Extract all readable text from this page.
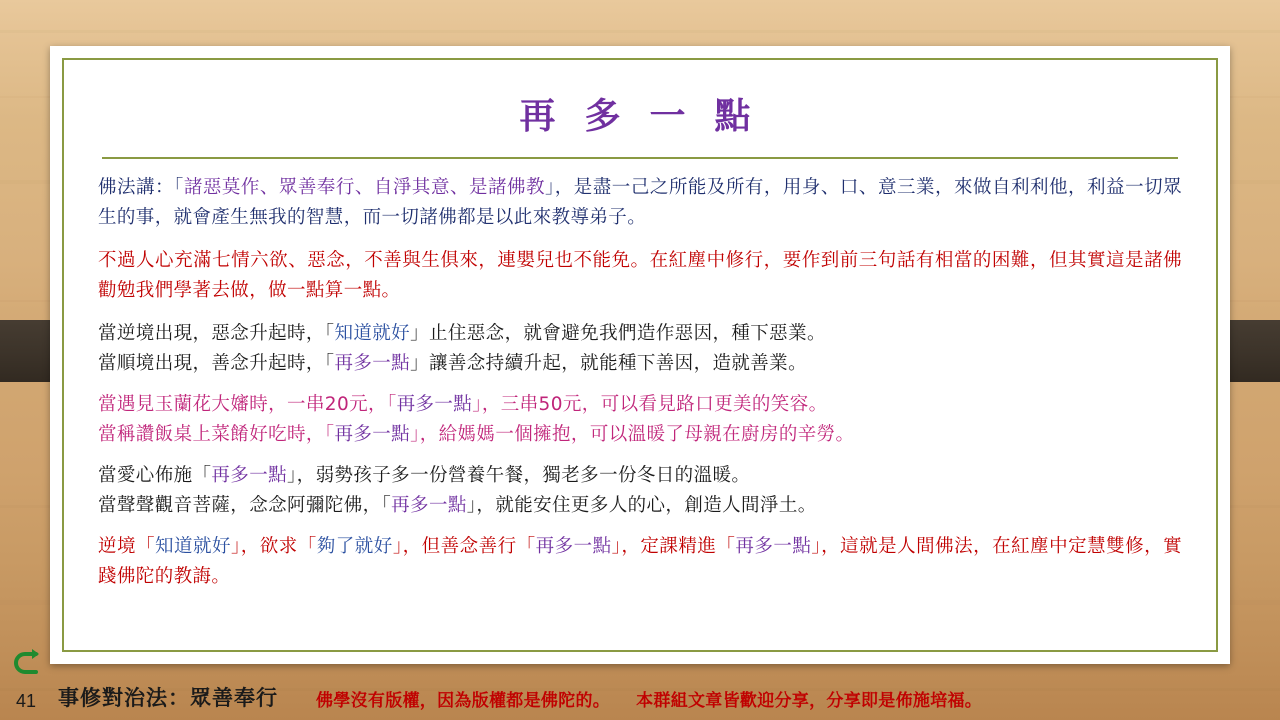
再 多 一 點

佛法講：「諸惡莫作、眾善奉行、自淨其意、是諸佛教」，是盡一己之所能及所有，用身、口、意三業，來做自利利他，利益一切眾生的事，就會產生無我的智慧，而一切諸佛都是以此來教導弟子。

不過人心充滿七情六欲、惡念，不善與生俱來，連嬰兒也不能免。在紅塵中修行，要作到前三句話有相當的困難，但其實這是諸佛勸勉我們學著去做，做一點算一點。

當逆境出現，惡念升起時，「知道就好」止住惡念，就會避免我們造作惡因，種下惡業。
當順境出現，善念升起時，「再多一點」讓善念持續升起，就能種下善因，造就善業。

當遇見玉蘭花大嬸時，一串20元，「再多一點」，三串50元，可以看見路口更美的笑容。
當稱讚飯桌上菜餚好吃時，「再多一點」，給媽媽一個擁抱，可以溫暖了母親在廚房的辛勞。

當愛心佈施「再多一點」，弱勢孩子多一份營養午餐，獨老多一份冬日的溫暖。
當聲聲觀音菩薩，念念阿彌陀佛，「再多一點」，就能安住更多人的心，創造人間淨土。

逆境「知道就好」，欲求「夠了就好」，但善念善行「再多一點」，定課精進「再多一點」，這就是人間佛法，在紅塵中定慧雙修，實踐佛陀的教誨。

41 事修對治法：眾善奉行 佛學沒有版權，因為版權都是佛陀的。 本群組文章皆歡迎分享，分享即是佈施培福。
